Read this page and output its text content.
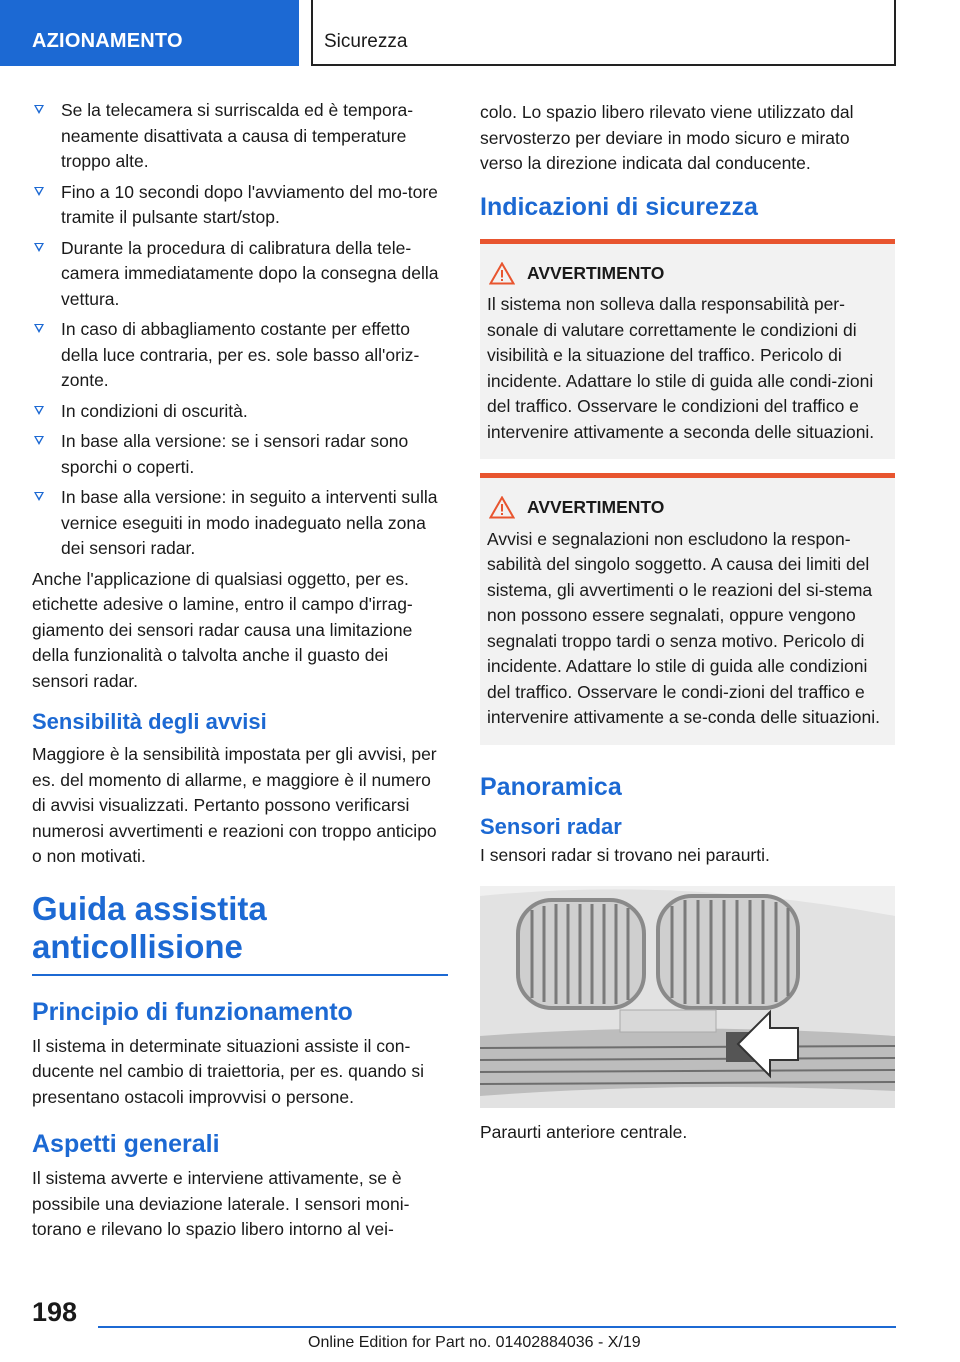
AZIONAMENTO	Sicurezza
Se la telecamera si surriscalda ed è tempora-neamente disattivata a causa di temperature troppo alte.
Fino a 10 secondi dopo l'avviamento del mo-tore tramite il pulsante start/stop.
Durante la procedura di calibratura della tele-camera immediatamente dopo la consegna della vettura.
In caso di abbagliamento costante per effetto della luce contraria, per es. sole basso all'oriz-zonte.
In condizioni di oscurità.
In base alla versione: se i sensori radar sono sporchi o coperti.
In base alla versione: in seguito a interventi sulla vernice eseguiti in modo inadeguato nella zona dei sensori radar.

Anche l'applicazione di qualsiasi oggetto, per es. etichette adesive o lamine, entro il campo d'irrag-giamento dei sensori radar causa una limitazione della funzionalità o talvolta anche il guasto dei sensori radar.

Sensibilità degli avvisi

Maggiore è la sensibilità impostata per gli avvisi, per es. del momento di allarme, e maggiore è il numero di avvisi visualizzati. Pertanto possono verificarsi numerosi avvertimenti e reazioni con troppo anticipo o non motivati.

Guida assistita anticollisione
Principio di funzionamento

Il sistema in determinate situazioni assiste il con-ducente nel cambio di traiettoria, per es. quando si presentano ostacoli improvvisi o persone.

Aspetti generali

Il sistema avverte e interviene attivamente, se è possibile una deviazione laterale. I sensori moni-torano e rilevano lo spazio libero intorno al vei-

colo. Lo spazio libero rilevato viene utilizzato dal servosterzo per deviare in modo sicuro e mirato verso la direzione indicata dal conducente.

Indicazioni di sicurezza
AVVERTIMENTO
Il sistema non solleva dalla responsabilità per-sonale di valutare correttamente le condizioni di visibilità e la situazione del traffico. Pericolo di incidente. Adattare lo stile di guida alle condi-zioni del traffico. Osservare le condizioni del traffico e intervenire attivamente a seconda delle situazioni.
AVVERTIMENTO
Avvisi e segnalazioni non escludono la respon-sabilità del singolo soggetto. A causa dei limiti del sistema, gli avvertimenti o le reazioni del si-stema non possono essere segnalati, oppure vengono segnalati troppo tardi o senza motivo. Pericolo di incidente. Adattare lo stile di guida alle condizioni del traffico. Osservare le condi-zioni del traffico e intervenire attivamente a se-conda delle situazioni.
Panoramica
Sensori radar

I sensori radar si trovano nei paraurti.

Paraurti anteriore centrale.

198
Online Edition for Part no. 01402884036 - X/19
